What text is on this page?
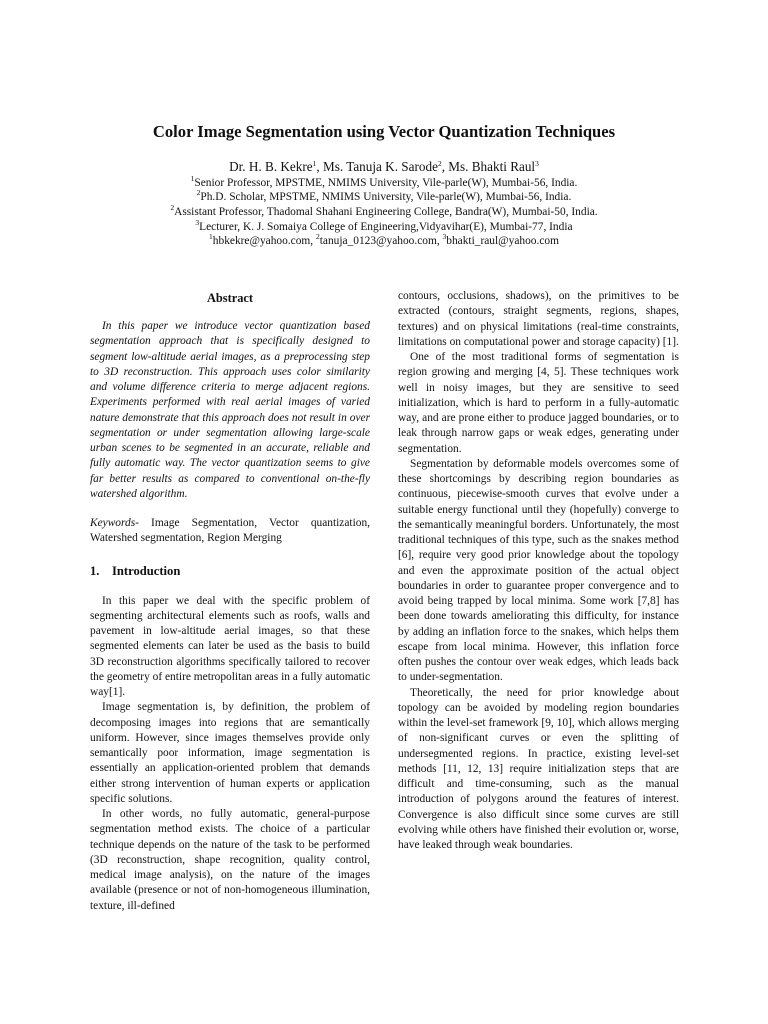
Color Image Segmentation using Vector Quantization Techniques
Dr. H. B. Kekre$^1$, Ms. Tanuja K. Sarode$^2$, Ms. Bhakti Raul$^3$
$^1$Senior Professor, MPSTME, NMIMS University, Vile-parle(W), Mumbai-56, India.
$^2$Ph.D. Scholar, MPSTME, NMIMS University, Vile-parle(W), Mumbai-56, India.
$^2$Assistant Professor, Thadomal Shahani Engineering College, Bandra(W), Mumbai-50, India.
$^3$Lecturer, K. J. Somaiya College of Engineering,Vidyavihar(E), Mumbai-77, India
$^1$hbkekre@yahoo.com, $^2$tanuja_0123@yahoo.com, $^3$bhakti_raul@yahoo.com
Abstract

In this paper we introduce vector quantization based segmentation approach that is specifically designed to segment low-altitude aerial images, as a preprocessing step to 3D reconstruction. This approach uses color similarity and volume difference criteria to merge adjacent regions. Experiments performed with real aerial images of varied nature demonstrate that this approach does not result in over segmentation or under segmentation allowing large-scale urban scenes to be segmented in an accurate, reliable and fully automatic way. The vector quantization seems to give far better results as compared to conventional on-the-fly watershed algorithm.

Keywords- Image Segmentation, Vector quantization, Watershed segmentation, Region Merging

1. Introduction

In this paper we deal with the specific problem of segmenting architectural elements such as roofs, walls and pavement in low-altitude aerial images, so that these segmented elements can later be used as the basis to build 3D reconstruction algorithms specifically tailored to recover the geometry of entire metropolitan areas in a fully automatic way[1].

Image segmentation is, by definition, the problem of decomposing images into regions that are semantically uniform. However, since images themselves provide only semantically poor information, image segmentation is essentially an application-oriented problem that demands either strong intervention of human experts or application specific solutions.

In other words, no fully automatic, general-purpose segmentation method exists. The choice of a particular technique depends on the nature of the task to be performed (3D reconstruction, shape recognition, quality control, medical image analysis), on the nature of the images available (presence or not of non-homogeneous illumination, texture, ill-defined

contours, occlusions, shadows), on the primitives to be extracted (contours, straight segments, regions, shapes, textures) and on physical limitations (real-time constraints, limitations on computational power and storage capacity) [1].

One of the most traditional forms of segmentation is region growing and merging [4, 5]. These techniques work well in noisy images, but they are sensitive to seed initialization, which is hard to perform in a fully-automatic way, and are prone either to produce jagged boundaries, or to leak through narrow gaps or weak edges, generating under segmentation.

Segmentation by deformable models overcomes some of these shortcomings by describing region boundaries as continuous, piecewise-smooth curves that evolve under a suitable energy functional until they (hopefully) converge to the semantically meaningful borders. Unfortunately, the most traditional techniques of this type, such as the snakes method [6], require very good prior knowledge about the topology and even the approximate position of the actual object boundaries in order to guarantee proper convergence and to avoid being trapped by local minima. Some work [7,8] has been done towards ameliorating this difficulty, for instance by adding an inflation force to the snakes, which helps them escape from local minima. However, this inflation force often pushes the contour over weak edges, which leads back to under-segmentation.

Theoretically, the need for prior knowledge about topology can be avoided by modeling region boundaries within the level-set framework [9, 10], which allows merging of non-significant curves or even the splitting of undersegmented regions. In practice, existing level-set methods [11, 12, 13] require initialization steps that are difficult and time-consuming, such as the manual introduction of polygons around the features of interest. Convergence is also difficult since some curves are still evolving while others have finished their evolution or, worse, have leaked through weak boundaries.
